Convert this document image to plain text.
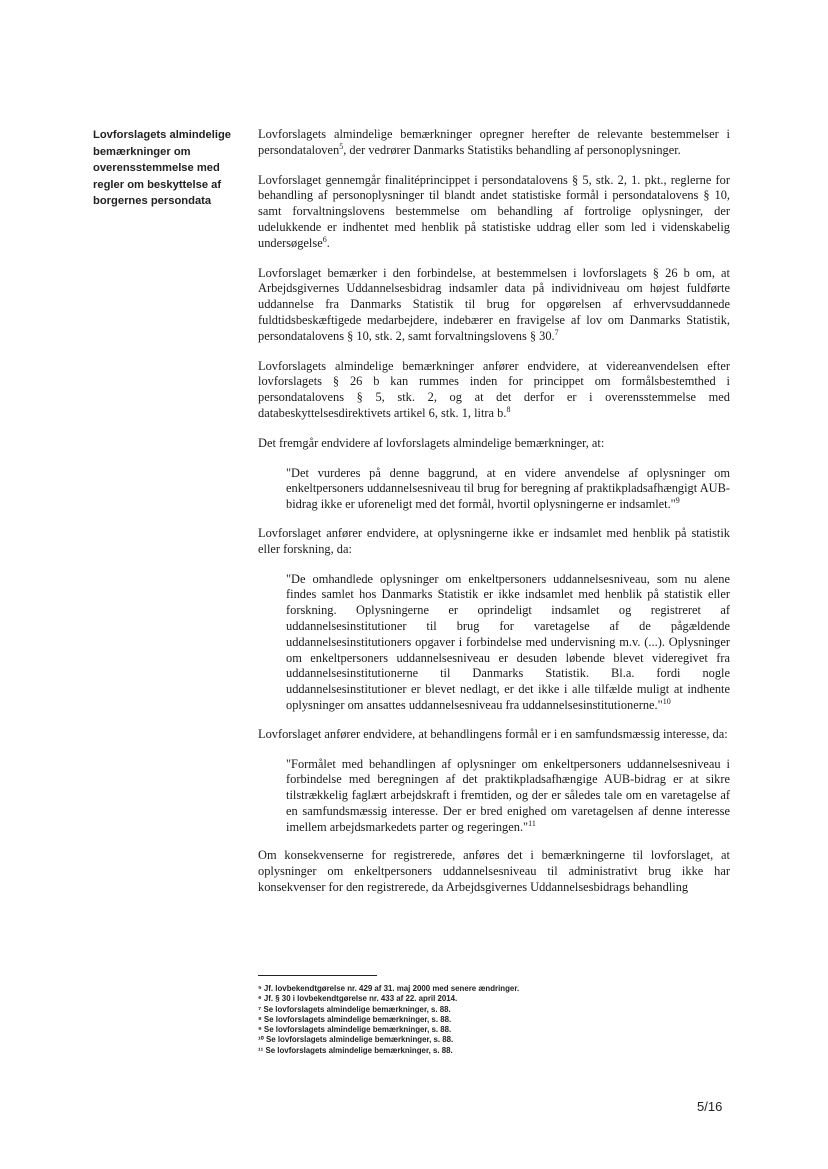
Lovforslagets almindelige bemærkninger om overensstemmelse med regler om beskyttelse af borgernes persondata

Lovforslagets almindelige bemærkninger opregner herefter de relevante bestemmelser i persondataloven$^5$, der vedrører Danmarks Statistiks behandling af personoplysninger.

Lovforslaget gennemgår finalitéprincippet i persondatalovens § 5, stk. 2, 1. pkt., reglerne for behandling af personoplysninger til blandt andet statistiske formål i persondatalovens § 10, samt forvaltningslovens bestemmelse om behandling af fortrolige oplysninger, der udelukkende er indhentet med henblik på statistiske uddrag eller som led i videnskabelig undersøgelse$^6$.

Lovforslaget bemærker i den forbindelse, at bestemmelsen i lovforslagets § 26 b om, at Arbejdsgivernes Uddannelsesbidrag indsamler data på individniveau om højest fuldførte uddannelse fra Danmarks Statistik til brug for opgørelsen af erhvervsuddannede fuldtidsbeskæftigede medarbejdere, indebærer en fravigelse af lov om Danmarks Statistik, persondatalovens § 10, stk. 2, samt forvaltningslovens § 30.$^7$

Lovforslagets almindelige bemærkninger anfører endvidere, at videreanvendelsen efter lovforslagets § 26 b kan rummes inden for princippet om formålsbestemthed i persondatalovens § 5, stk. 2, og at det derfor er i overensstemmelse med databeskyttelsesdirektivets artikel 6, stk. 1, litra b.$^8$

Det fremgår endvidere af lovforslagets almindelige bemærkninger, at:

"Det vurderes på denne baggrund, at en videre anvendelse af oplysninger om enkeltpersoners uddannelsesniveau til brug for beregning af praktikpladsafhængigt AUB-bidrag ikke er uforeneligt med det formål, hvortil oplysningerne er indsamlet."$^9$

Lovforslaget anfører endvidere, at oplysningerne ikke er indsamlet med henblik på statistik eller forskning, da:

"De omhandlede oplysninger om enkeltpersoners uddannelsesniveau, som nu alene findes samlet hos Danmarks Statistik er ikke indsamlet med henblik på statistik eller forskning. Oplysningerne er oprindeligt indsamlet og registreret af uddannelsesinstitutioner til brug for varetagelse af de pågældende uddannelsesinstitutioners opgaver i forbindelse med undervisning m.v. (...). Oplysninger om enkeltpersoners uddannelsesniveau er desuden løbende blevet videregivet fra uddannelsesinstitutionerne til Danmarks Statistik. Bl.a. fordi nogle uddannelsesinstitutioner er blevet nedlagt, er det ikke i alle tilfælde muligt at indhente oplysninger om ansattes uddannelsesniveau fra uddannelsesinstitutionerne."$^{10}$

Lovforslaget anfører endvidere, at behandlingens formål er i en samfundsmæssig interesse, da:

"Formålet med behandlingen af oplysninger om enkeltpersoners uddannelsesniveau i forbindelse med beregningen af det praktikpladsafhængige AUB-bidrag er at sikre tilstrækkelig faglært arbejdskraft i fremtiden, og der er således tale om en varetagelse af en samfundsmæssig interesse. Der er bred enighed om varetagelsen af denne interesse imellem arbejdsmarkedets parter og regeringen."$^{11}$

Om konsekvenserne for registrerede, anføres det i bemærkningerne til lovforslaget, at oplysninger om enkeltpersoners uddannelsesniveau til administrativt brug ikke har konsekvenser for den registrerede, da Arbejdsgivernes Uddannelsesbidrags behandling

⁵ Jf. lovbekendtgørelse nr. 429 af 31. maj 2000 med senere ændringer.
⁶ Jf. § 30 i lovbekendtgørelse nr. 433 af 22. april 2014.
⁷ Se lovforslagets almindelige bemærkninger, s. 88.
⁸ Se lovforslagets almindelige bemærkninger, s. 88.
⁹ Se lovforslagets almindelige bemærkninger, s. 88.
¹⁰ Se lovforslagets almindelige bemærkninger, s. 88.
¹¹ Se lovforslagets almindelige bemærkninger, s. 88.
5/16
